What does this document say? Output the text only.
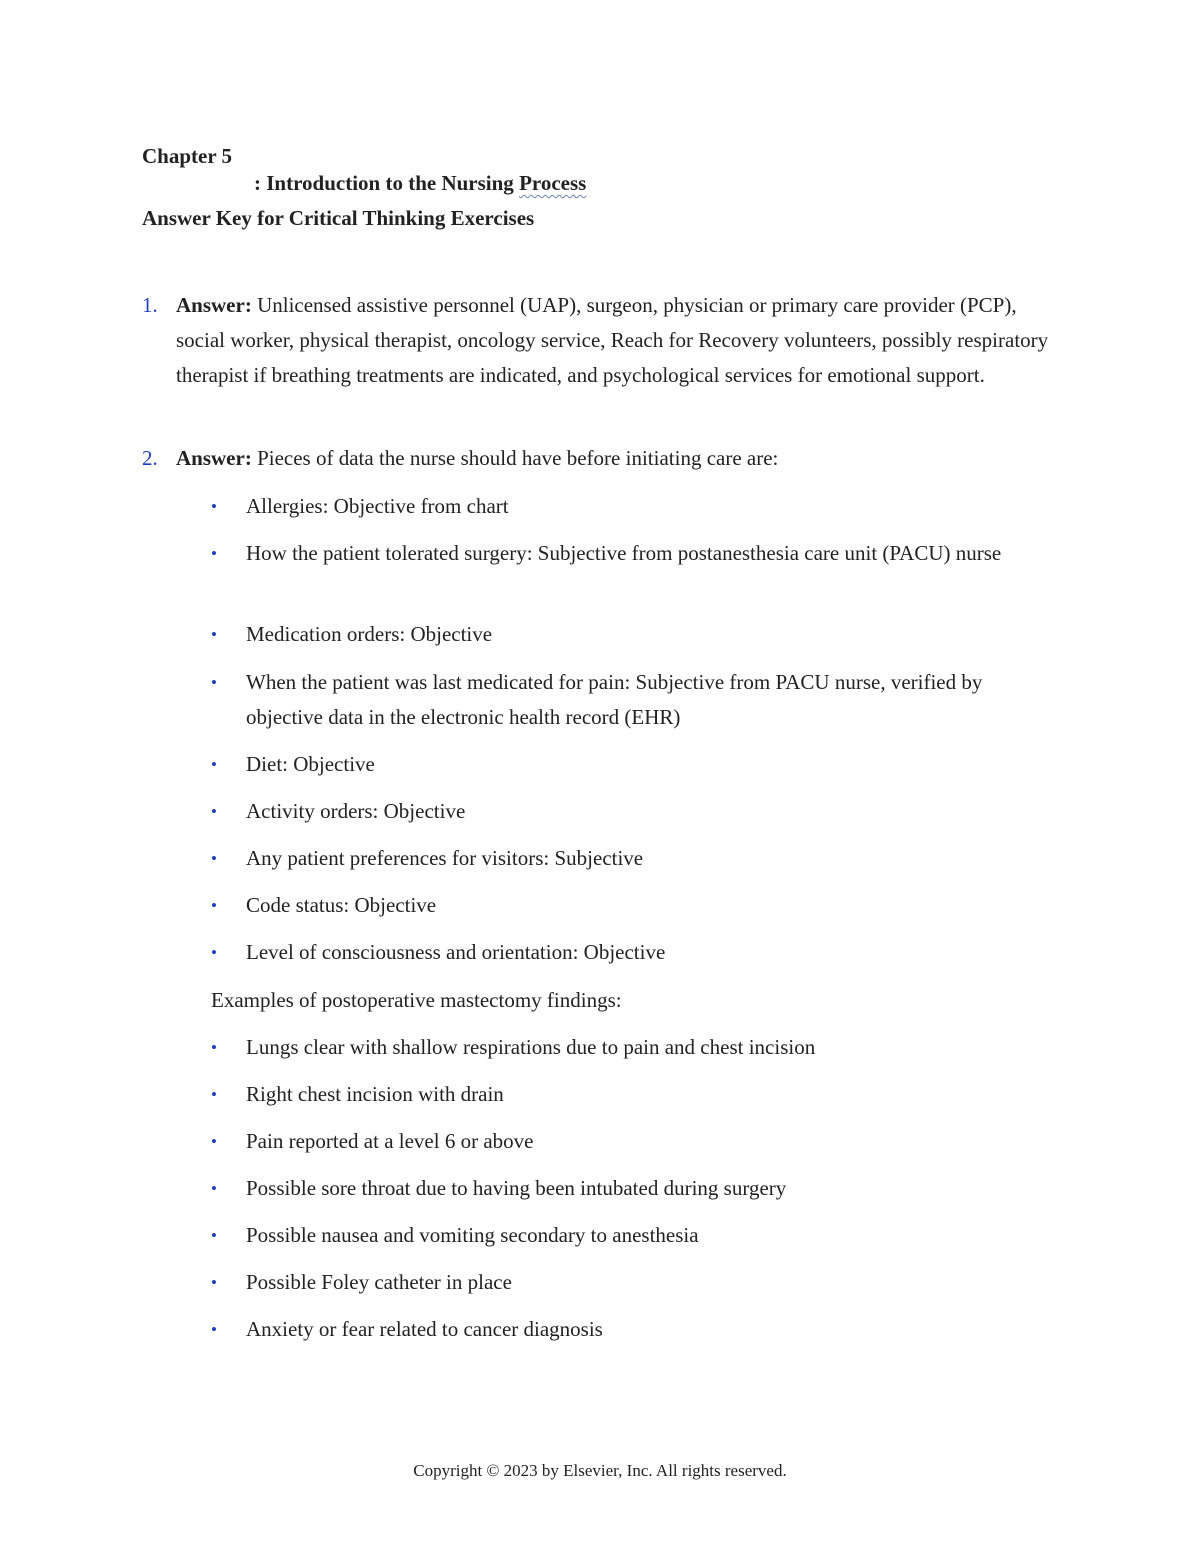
Chapter 5
: Introduction to the Nursing Process
Answer Key for Critical Thinking Exercises
1. Answer: Unlicensed assistive personnel (UAP), surgeon, physician or primary care provider (PCP), social worker, physical therapist, oncology service, Reach for Recovery volunteers, possibly respiratory therapist if breathing treatments are indicated, and psychological services for emotional support.
2. Answer: Pieces of data the nurse should have before initiating care are:
•	Allergies: Objective from chart
•	How the patient tolerated surgery: Subjective from postanesthesia care unit (PACU) nurse
•	Medication orders: Objective
•	When the patient was last medicated for pain: Subjective from PACU nurse, verified by objective data in the electronic health record (EHR)
•	Diet: Objective
•	Activity orders: Objective
•	Any patient preferences for visitors: Subjective
•	Code status: Objective
•	Level of consciousness and orientation: Objective

Examples of postoperative mastectomy findings:

•	Lungs clear with shallow respirations due to pain and chest incision
•	Right chest incision with drain
•	Pain reported at a level 6 or above
•	Possible sore throat due to having been intubated during surgery
•	Possible nausea and vomiting secondary to anesthesia
•	Possible Foley catheter in place
•	Anxiety or fear related to cancer diagnosis
Copyright © 2023 by Elsevier, Inc. All rights reserved.
